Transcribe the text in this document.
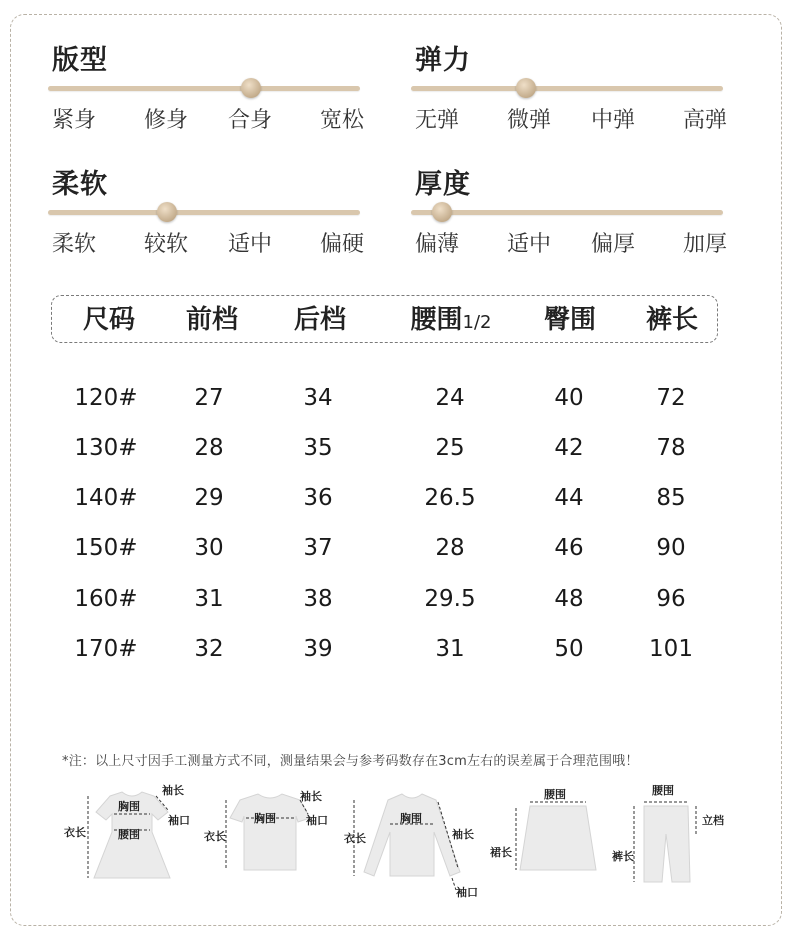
版型
紧身	修身	合身	宽松
弹力
无弹	微弹	中弹	高弹
柔软
柔软	较软	适中	偏硬
厚度
偏薄	适中	偏厚	加厚
尺码	前档	后档	腰围1/2	臀围	裤长
120#	27	34	24	40	72
130#	28	35	25	42	78
140#	29	36	26.5	44	85
150#	30	37	28	46	90
160#	31	38	29.5	48	96
170#	32	39	31	50	101
*注：以上尺寸因手工测量方式不同，测量结果会与参考码数存在3cm左右的误差属于合理范围哦！
胸围
袖长
袖口
衣长	腰围
袖长
胸围	袖口
衣长
胸围
衣长	袖长
袖口
腰围
裙长
腰围
立档
裤长
